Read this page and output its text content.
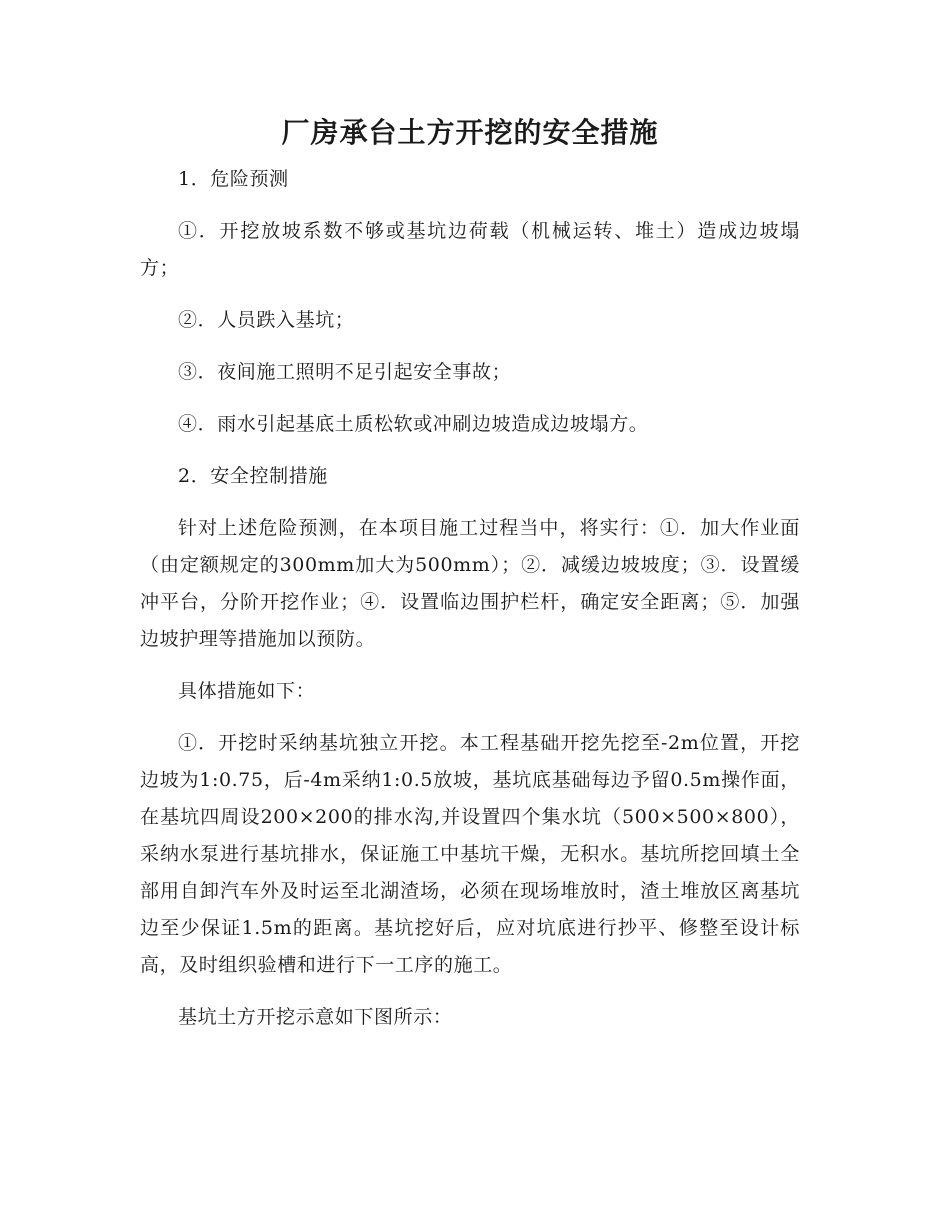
厂房承台土方开挖的安全措施

1．危险预测

①．开挖放坡系数不够或基坑边荷载（机械运转、堆土）造成边坡塌方；

②．人员跌入基坑；

③．夜间施工照明不足引起安全事故；

④．雨水引起基底土质松软或冲刷边坡造成边坡塌方。

2．安全控制措施

针对上述危险预测，在本项目施工过程当中，将实行：①．加大作业面（由定额规定的300mm加大为500mm）；②．减缓边坡坡度；③．设置缓冲平台，分阶开挖作业；④．设置临边围护栏杆，确定安全距离；⑤．加强边坡护理等措施加以预防。

具体措施如下：

①．开挖时采纳基坑独立开挖。本工程基础开挖先挖至-2m位置，开挖边坡为1:0.75，后-4m采纳1:0.5放坡，基坑底基础每边予留0.5m操作面，在基坑四周设200×200的排水沟,并设置四个集水坑（500×500×800），采纳水泵进行基坑排水，保证施工中基坑干燥，无积水。基坑所挖回填土全部用自卸汽车外及时运至北湖渣场，必须在现场堆放时，渣土堆放区离基坑边至少保证1.5m的距离。基坑挖好后，应对坑底进行抄平、修整至设计标高，及时组织验槽和进行下一工序的施工。

基坑土方开挖示意如下图所示：
